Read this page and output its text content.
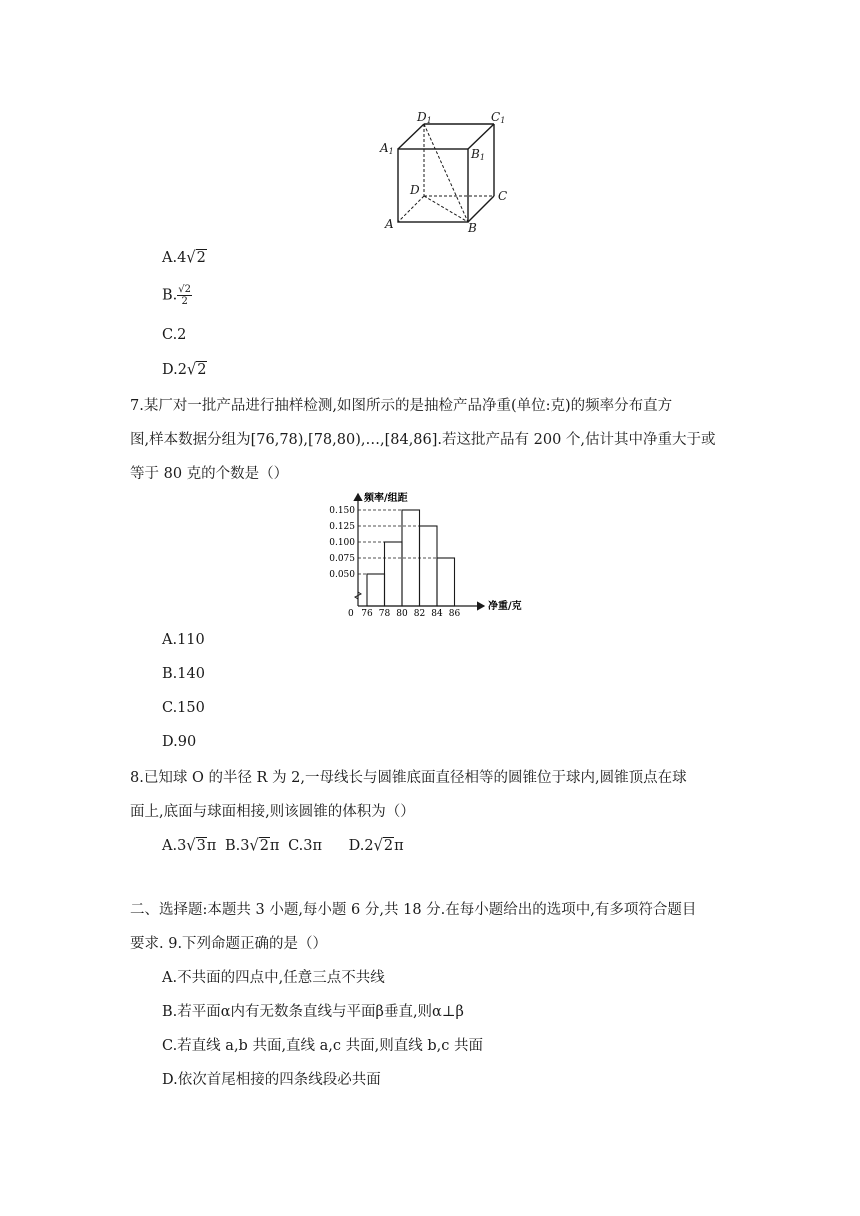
D1	C1
A1	B1
D	C
A	B
A.4√2
B. $\frac{√2}{2}$
C.2
D.2√2
7.某厂对一批产品进行抽样检测,如图所示的是抽检产品净重(单位:克)的频率分布直方
图,样本数据分组为[76,78),[78,80),…,[84,86].若这批产品有 200 个,估计其中净重大于或
等于 80 克的个数是（）
0.150
0.125
0.100
0.075
0.050
76 78 80 82 84 86
频率/组距
净重/克
0
A.110
B.140
C.150
D.90
8.已知球 O 的半径 R 为 2,一母线长与圆锥底面直径相等的圆锥位于球内,圆锥顶点在球
面上,底面与球面相接,则该圆锥的体积为（）
A.3√3π B.3√2π C.3π D.2√2π
二、选择题:本题共 3 小题,每小题 6 分,共 18 分.在每小题给出的选项中,有多项符合题目
要求. 9.下列命题正确的是（）
A.不共面的四点中,任意三点不共线
B.若平面α内有无数条直线与平面β垂直,则α⊥β
C.若直线 a,b 共面,直线 a,c 共面,则直线 b,c 共面
D.依次首尾相接的四条线段必共面
